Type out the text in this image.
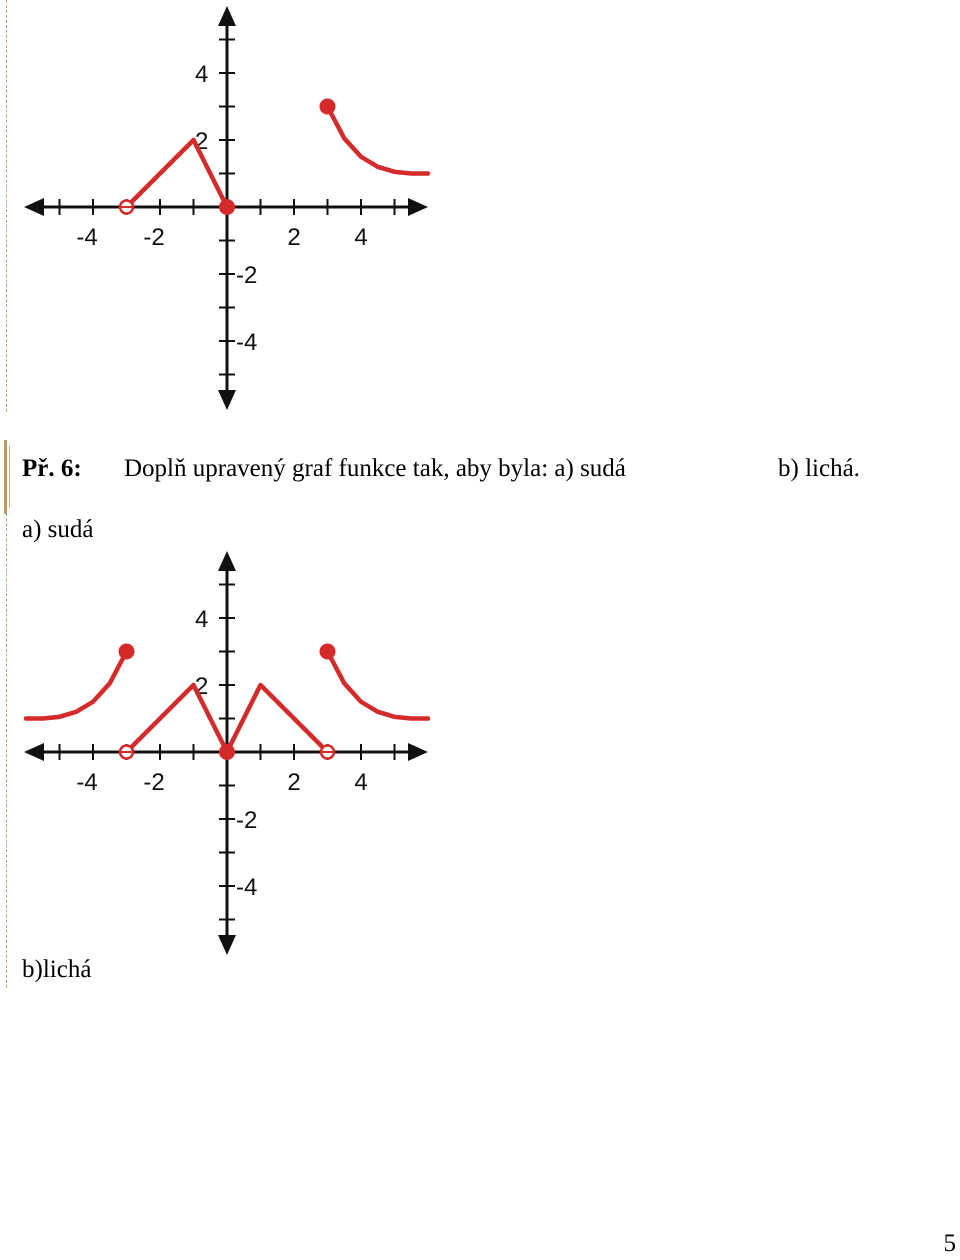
-4 -2	2 4
4
2
-2
-4
Př. 6: Doplň upravený graf funkce tak, aby byla: a) sudá	b) lichá.
a) sudá
-4 -2	2 4
4
2
-2
-4
b)lichá
5
